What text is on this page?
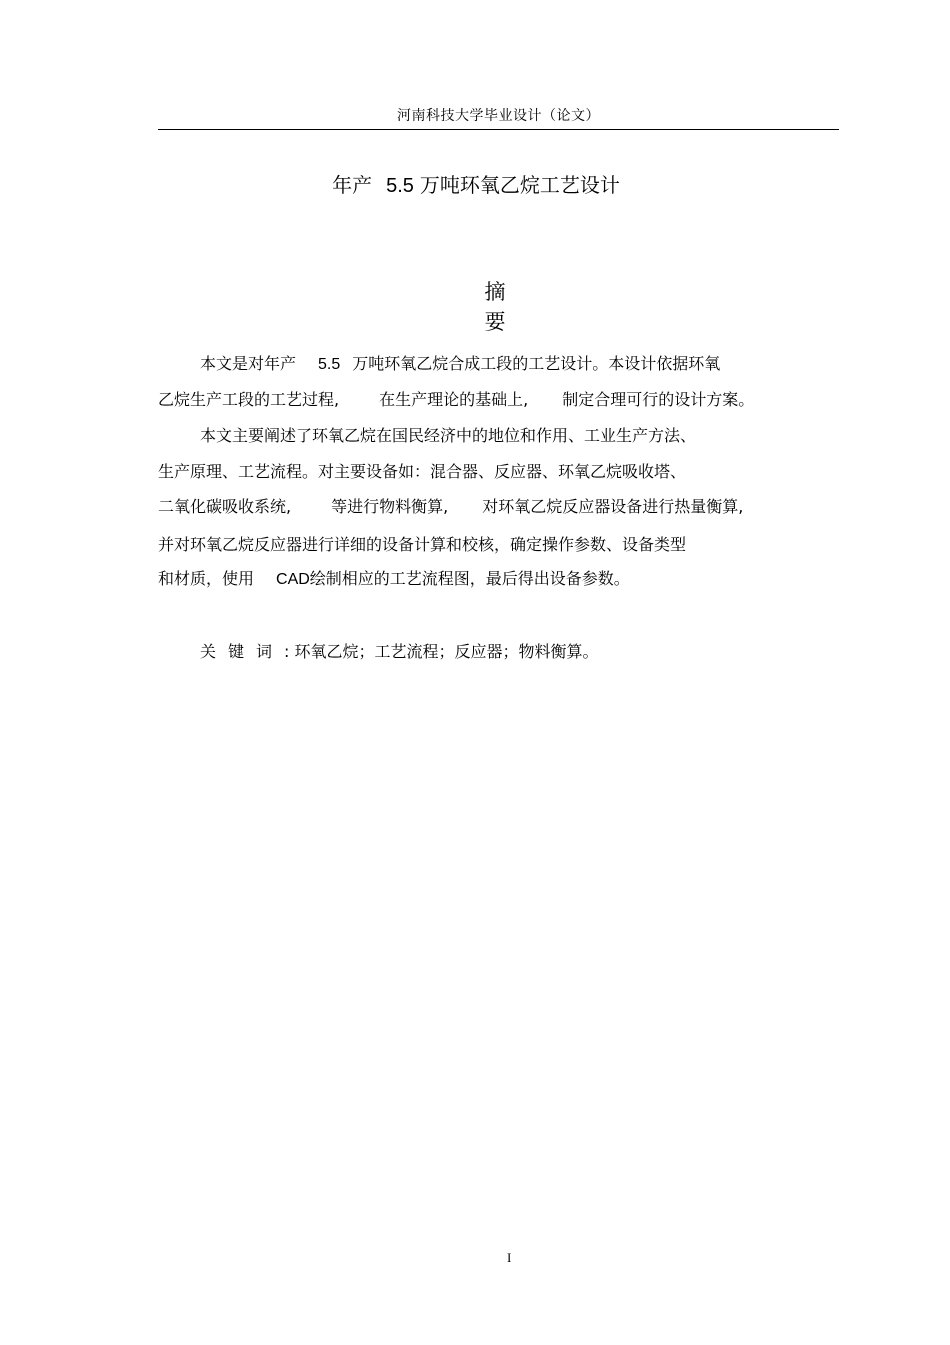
河南科技大学毕业设计（论文）
年产 5.5 万吨环氧乙烷工艺设计
摘要
本文是对年产 5.5 万吨环氧乙烷合成工段的工艺设计。本设计依据环氧
乙烷生产工段的工艺过程,	在生产理论的基础上, 制定合理可行的设计方案。
本文主要阐述了环氧乙烷在国民经济中的地位和作用、工业生产方法、
生产原理、工艺流程。对主要设备如：混合器、反应器、环氧乙烷吸收塔、
二氧化碳吸收系统,	等进行物料衡算, 对环氧乙烷反应器设备进行热量衡算,
并对环氧乙烷反应器进行详细的设备计算和校核，确定操作参数、设备类型
和材质，使用 CAD绘制相应的工艺流程图，最后得出设备参数。
关键词: 环氧乙烷；工艺流程；反应器；物料衡算。
I
